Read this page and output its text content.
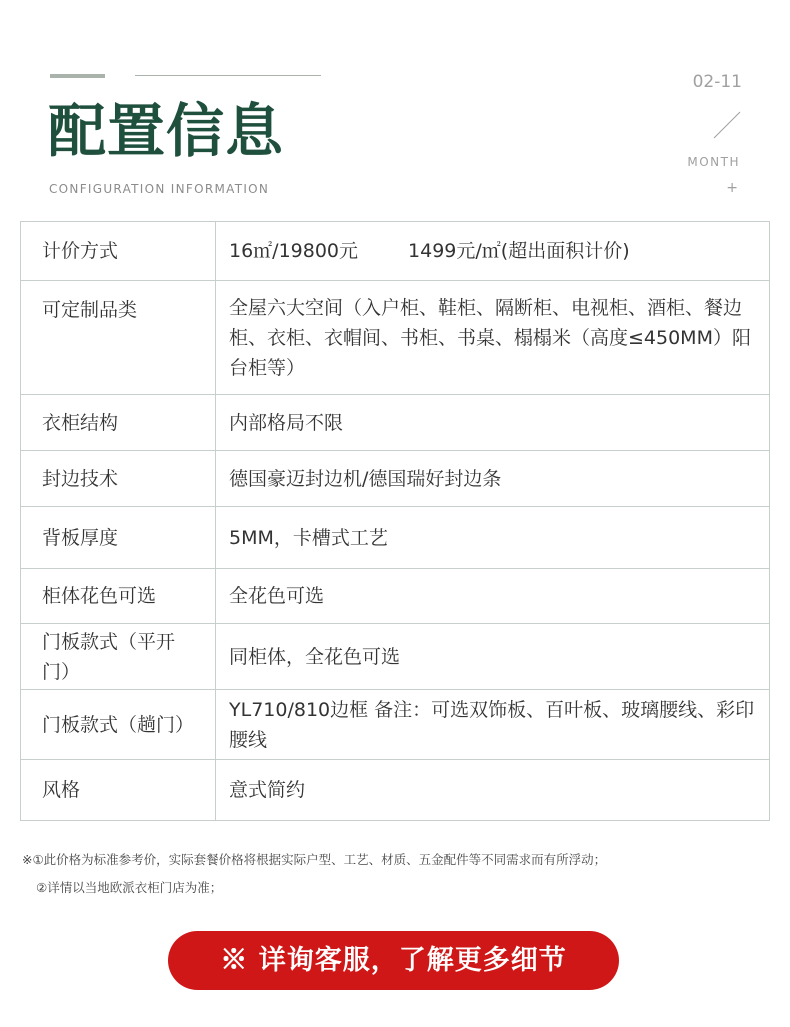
配置信息
CONFIGURATION INFORMATION
02-11
MONTH
+
计价方式	16㎡/19800元 1499元/㎡(超出面积计价)
可定制品类	全屋六大空间（入户柜、鞋柜、隔断柜、电视柜、酒柜、餐边柜、衣柜、衣帽间、书柜、书桌、榻榻米（高度≤450MM）阳台柜等）
衣柜结构	内部格局不限
封边技术	德国豪迈封边机/德国瑞好封边条
背板厚度	5MM，卡槽式工艺
柜体花色可选	全花色可选
门板款式（平开门）	同柜体，全花色可选
门板款式（趟门）	YL710/810边框 备注：可选双饰板、百叶板、玻璃腰线、彩印腰线
风格	意式简约
※①此价格为标准参考价，实际套餐价格将根据实际户型、工艺、材质、五金配件等不同需求而有所浮动；
②详情以当地欧派衣柜门店为准；
※ 详询客服，了解更多细节
